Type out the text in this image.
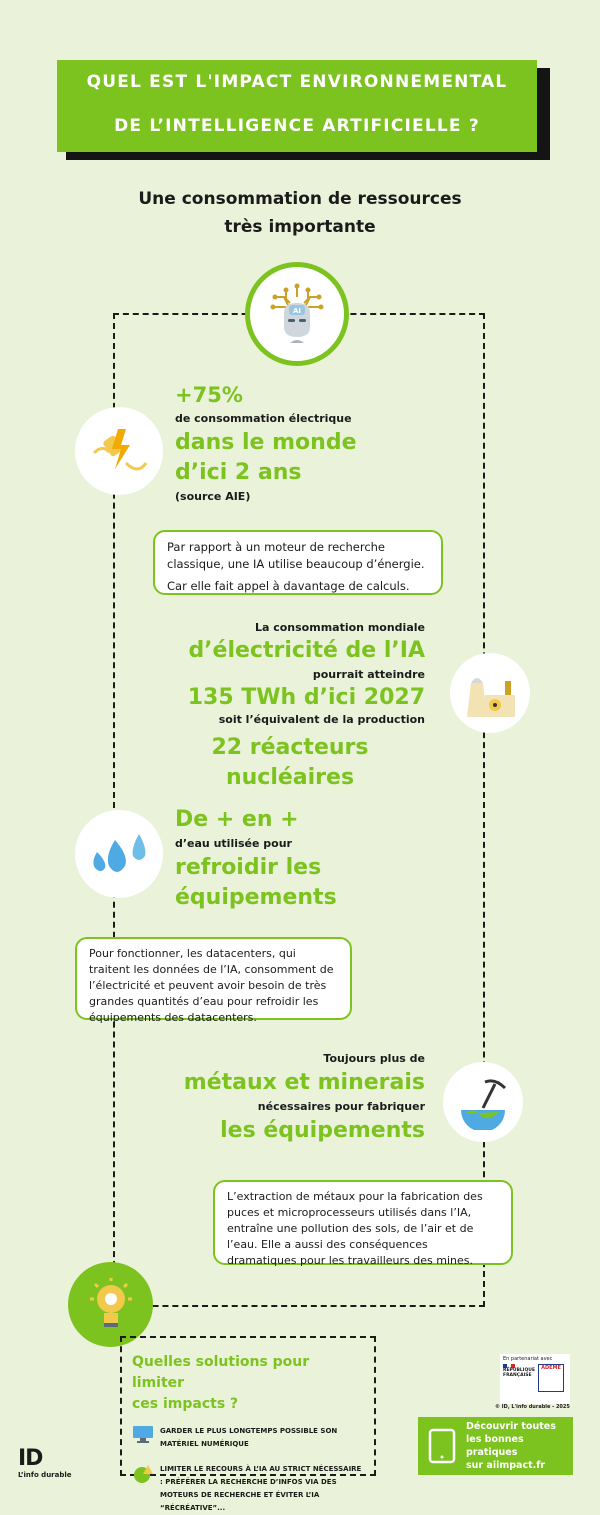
QUEL EST L'IMPACT ENVIRONNEMENTAL
DE L’INTELLIGENCE ARTIFICIELLE ?
Une consommation de ressources
très importante
AI
+75%
de consommation électrique
dans le monde
d’ici 2 ans
(source AIE)

Par rapport à un moteur de recherche classique, une IA utilise beaucoup d’énergie.

Car elle fait appel à davantage de calculs.

La consommation mondiale
d’électricité de l’IA
pourrait atteindre
135 TWh d’ici 2027
soit l’équivalent de la production
22 réacteurs nucléaires
De + en +
d’eau utilisée pour
refroidir les
équipements

Pour fonctionner, les datacenters, qui traitent les données de l’IA, consomment de l’électricité et peuvent avoir besoin de très grandes quantités d’eau pour refroidir les équipements des datacenters.

Toujours plus de
métaux et minerais
nécessaires pour fabriquer
les équipements

L’extraction de métaux pour la fabrication des puces et microprocesseurs utilisés dans l’IA, entraîne une pollution des sols, de l’air et de l’eau. Elle a aussi des conséquences dramatiques pour les travailleurs des mines.

Quelles solutions pour limiter
ces impacts ?
GARDER LE PLUS LONGTEMPS POSSIBLE SON MATÉRIEL NUMÉRIQUE
LIMITER LE RECOURS À L’IA AU STRICT NÉCESSAIRE : PRÉFÉRER LA RECHERCHE D’INFOS VIA DES MOTEURS DE RECHERCHE ET ÉVITER L’IA “RÉCRÉATIVE”...
En partenariat avec
RÉPUBLIQUE
FRANÇAISE
ADEME
© ID, L'info durable - 2025
Découvrir toutes
les bonnes pratiques
sur aiimpact.fr
ID
L’info durable
